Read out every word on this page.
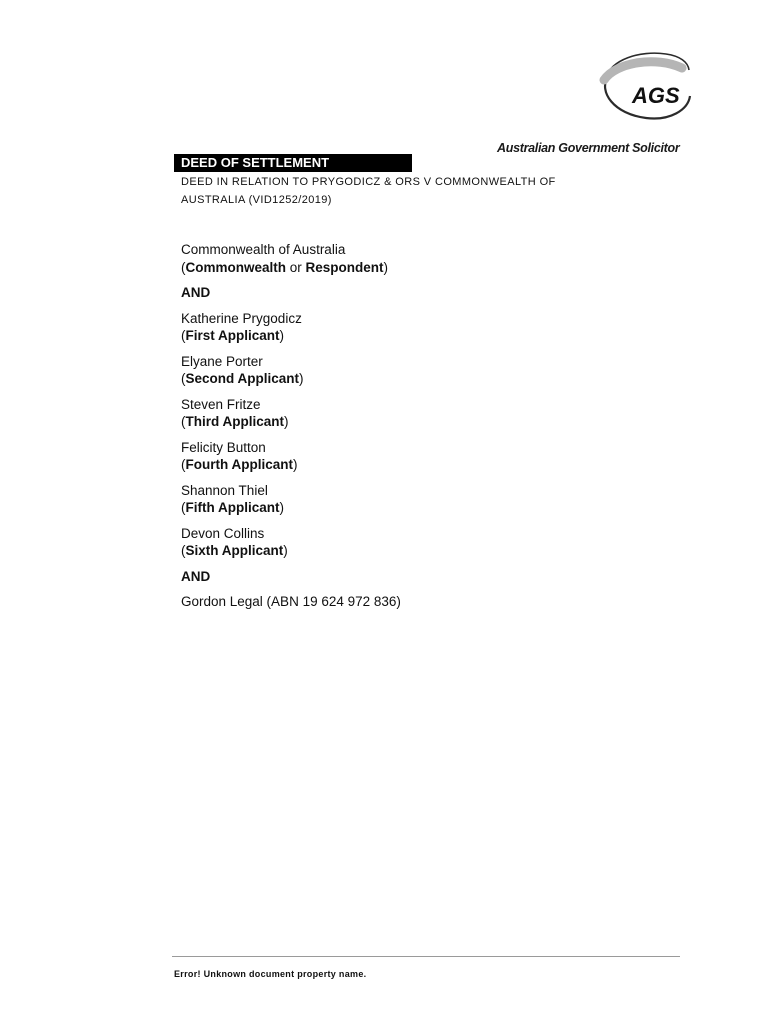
AGS
Australian Government Solicitor
DEED OF SETTLEMENT
DEED IN RELATION TO PRYGODICZ & ORS V COMMONWEALTH OF AUSTRALIA (VID1252/2019)
Commonwealth of Australia
(Commonwealth or Respondent)
AND
Katherine Prygodicz
(First Applicant)
Elyane Porter
(Second Applicant)
Steven Fritze
(Third Applicant)
Felicity Button
(Fourth Applicant)
Shannon Thiel
(Fifth Applicant)
Devon Collins
(Sixth Applicant)
AND
Gordon Legal (ABN 19 624 972 836)
Error! Unknown document property name.
